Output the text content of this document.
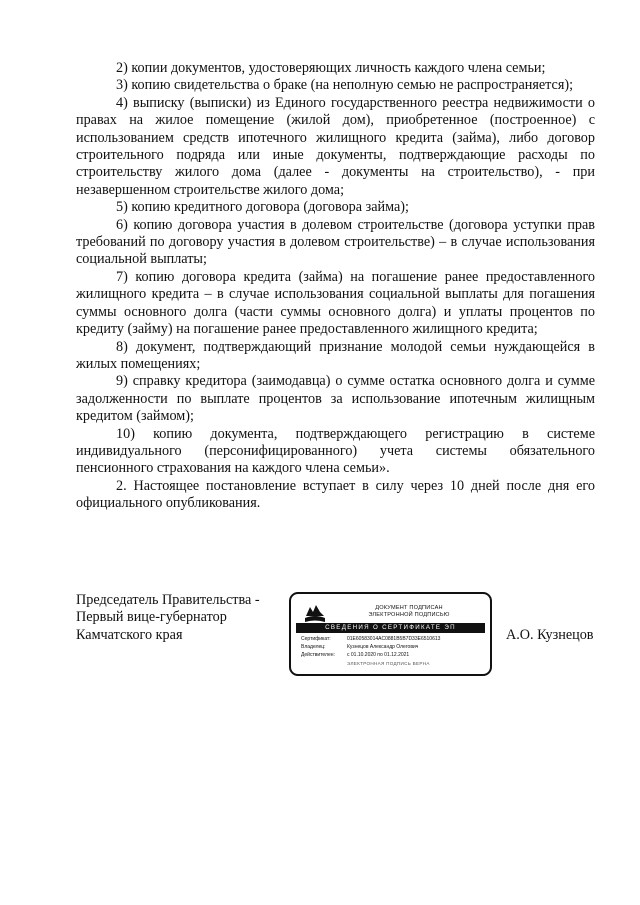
2) копии документов, удостоверяющих личность каждого члена семьи;

3) копию свидетельства о браке (на неполную семью не распространяется);

4) выписку (выписки) из Единого государственного реестра недвижимости о правах на жилое помещение (жилой дом), приобретенное (построенное) с использованием средств ипотечного жилищного кредита (займа), либо договор строительного подряда или иные документы, подтверждающие расходы по строительству жилого дома (далее - документы на строительство), - при незавершенном строительстве жилого дома;

5) копию кредитного договора (договора займа);

6) копию договора участия в долевом строительстве (договора уступки прав требований по договору участия в долевом строительстве) – в случае использования социальной выплаты;

7) копию договора кредита (займа) на погашение ранее предоставленного жилищного кредита – в случае использования социальной выплаты для погашения суммы основного долга (части суммы основного долга) и уплаты процентов по кредиту (займу) на погашение ранее предоставленного жилищного кредита;

8) документ, подтверждающий признание молодой семьи нуждающейся в жилых помещениях;

9) справку кредитора (заимодавца) о сумме остатка основного долга и сумме задолженности по выплате процентов за использование ипотечным жилищным кредитом (займом);

10) копию документа, подтверждающего регистрацию в системе индивидуального (персонифицированного) учета системы обязательного пенсионного страхования на каждого члена семьи».

2. Настоящее постановление вступает в силу через 10 дней после дня его официального опубликования.

Председатель Правительства -
Первый вице-губернатор
Камчатского края
ДОКУМЕНТ ПОДПИСАН
ЭЛЕКТРОННОЙ ПОДПИСЬЮ
СВЕДЕНИЯ О СЕРТИФИКАТЕ ЭП
Сертификат:	01E60583014AC0881B5B7D33E6510613
Владелец:	Кузнецов Александр Олегович
Действителен: с 01.10.2020 по 01.12.2021
ЭЛЕКТРОННАЯ ПОДПИСЬ ВЕРНА
А.О. Кузнецов
